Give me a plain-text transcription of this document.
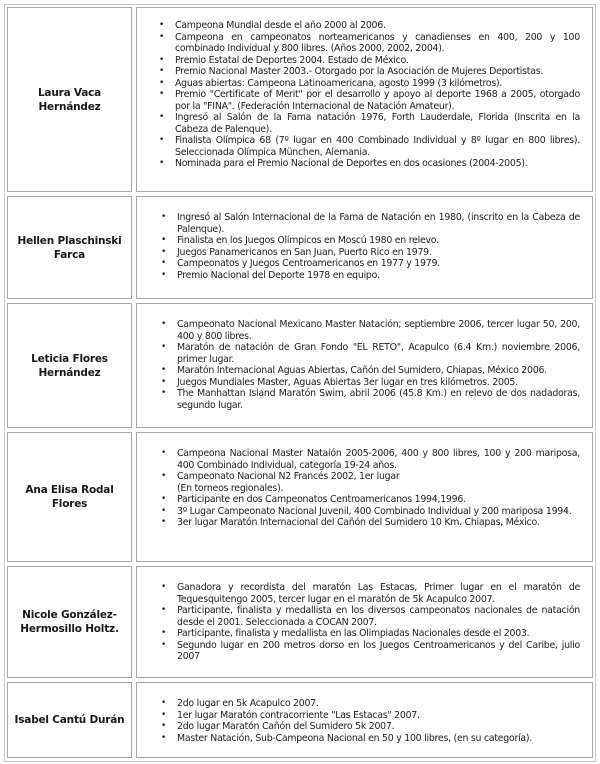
Laura Vaca Hernández
• Campeona Mundial desde el año 2000 al 2006.
• Campeona en campeonatos norteamericanos y canadienses en 400, 200 y 100 combinado Individual y 800 libres. (Años 2000, 2002, 2004).
• Premio Estatal de Deportes 2004. Estado de México.
• Premio Nacional Master 2003.- Otorgado por la Asociación de Mujeres Deportistas.
• Aguas abiertas: Campeona Latinoamericana, agosto 1999 (3 kilómetros).
• Premio "Certificate of Merit" por el desarrollo y apoyo al deporte 1968 a 2005, otorgado por la "FINA". (Federación Internacional de Natación Amateur).
• Ingresó al Salón de la Fama natación 1976, Forth Lauderdale, Florida (Inscrita en la Cabeza de Palenque).
• Finalista Olímpica 68 (7º lugar en 400 Combinado Individual y 8º lugar en 800 libres). Seleccionada Olímpica München, Alemania.
• Nominada para el Premio Nacional de Deportes en dos ocasiones (2004-2005).
Hellen Plaschinski Farca
• Ingresó al Salón Internacional de la Fama de Natación en 1980, (inscrito en la Cabeza de Palenque).
• Finalista en los Juegos Olímpicos en Moscú 1980 en relevo.
• Juegos Panamericanos en San Juan, Puerto Rico en 1979.
• Campeonatos y Juegos Centroamericanos en 1977 y 1979.
• Premio Nacional del Deporte 1978 en equipo.
Leticia Flores Hernández
• Campeonato Nacional Mexicano Master Natación; septiembre 2006, tercer lugar 50, 200, 400 y 800 libres.
• Maratón de natación de Gran Fondo "EL RETO", Acapulco (6.4 Km.) noviembre 2006, primer lugar.
• Maratón Internacional Aguas Abiertas, Cañón del Sumidero, Chiapas, México 2006.
• Juegos Mundiales Master, Aguas Abiertas 3er lugar en tres kilómetros. 2005.
• The Manhattan Island Maratón Swim, abril 2006 (45.8 Km.) en relevo de dos nadadoras, segundo lugar.
Ana Elisa Rodal Flores
• Campeona Nacional Master Nataión 2005-2006, 400 y 800 libres, 100 y 200 mariposa, 400 Combinado Individual, categoría 19-24 años.
• Campeonato Nacional N2 Francés 2002, 1er lugar
(En torneos regionales).
• Participante en dos Campeonatos Centroamericanos 1994,1996.
• 3º Lugar Campeonato Nacional Juvenil, 400 Combinado Individual y 200 mariposa 1994.
• 3er lugar Maratón Internacional del Cañón del Sumidero 10 Km. Chiapas, México.
Nicole González-Hermosillo Holtz.
• Ganadora y recordista del maratón Las Estacas, Primer lugar en el maratón de Tequesquitengo 2005, tercer lugar en el maratón de 5k Acapulco 2007.
• Participante, finalista y medallista en los diversos campeonatos nacionales de natación desde el 2001. Seleccionada a COCAN 2007.
• Participante, finalista y medallista en las Olimpiadas Nacionales desde el 2003.
• Segundo lugar en 200 metros dorso en los Juegos Centroamericanos y del Caribe, julio 2007
Isabel Cantú Durán
• 2do lugar en 5k Acapulco 2007.
• 1er lugar Maratón contracorriente "Las Estacas" 2007.
• 2do lugar Maratón Cañón del Sumidero 5k 2007.
• Master Natación, Sub-Campeona Nacional en 50 y 100 libres, (en su categoría).
